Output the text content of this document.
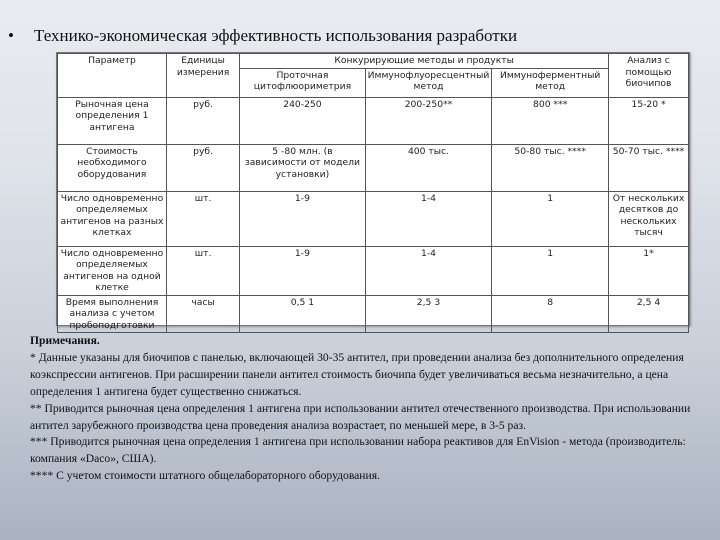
• Технико-экономическая эффективность использования разработки
Параметр	Единицы измерения	Конкурирующие методы и продукты			Анализ с помощью биочипов
		Проточная цитофлюориметрия	Иммунофлуоресцентный метод	Иммуноферментный метод	
Рыночная цена определения 1 антигена	руб.	240-250	200-250**	800 ***	15-20 *
Стоимость необходимого оборудования	руб.	5 -80 млн. (в зависимости от модели установки)	400 тыс.	50-80 тыс. ****	50-70 тыс. ****
Число одновременно определяемых антигенов на разных клетках	шт.	1-9	1-4	1	От нескольких десятков до нескольких тысяч
Число одновременно определяемых антигенов на одной клетке	шт.	1-9	1-4	1	1*
Время выполнения анализа с учетом пробоподготовки	часы	0,5 1	2,5 3	8	2,5 4

Примечания.

* Данные указаны для биочипов с панелью, включающей 30-35 антител, при проведении анализа без дополнительного определения коэкспрессии антигенов. При расширении панели антител стоимость биочипа будет увеличиваться весьма незначительно, а цена определения 1 антигена будет существенно снижаться.

** Приводится рыночная цена определения 1 антигена при использовании антител отечественного производства. При использовании антител зарубежного производства цена проведения анализа возрастает, по меньшей мере, в 3-5 раз.

*** Приводится рыночная цена определения 1 антигена при использовании набора реактивов для EnVision - метода (производитель: компания «Dacо», США).

**** С учетом стоимости штатного общелабораторного оборудования.
